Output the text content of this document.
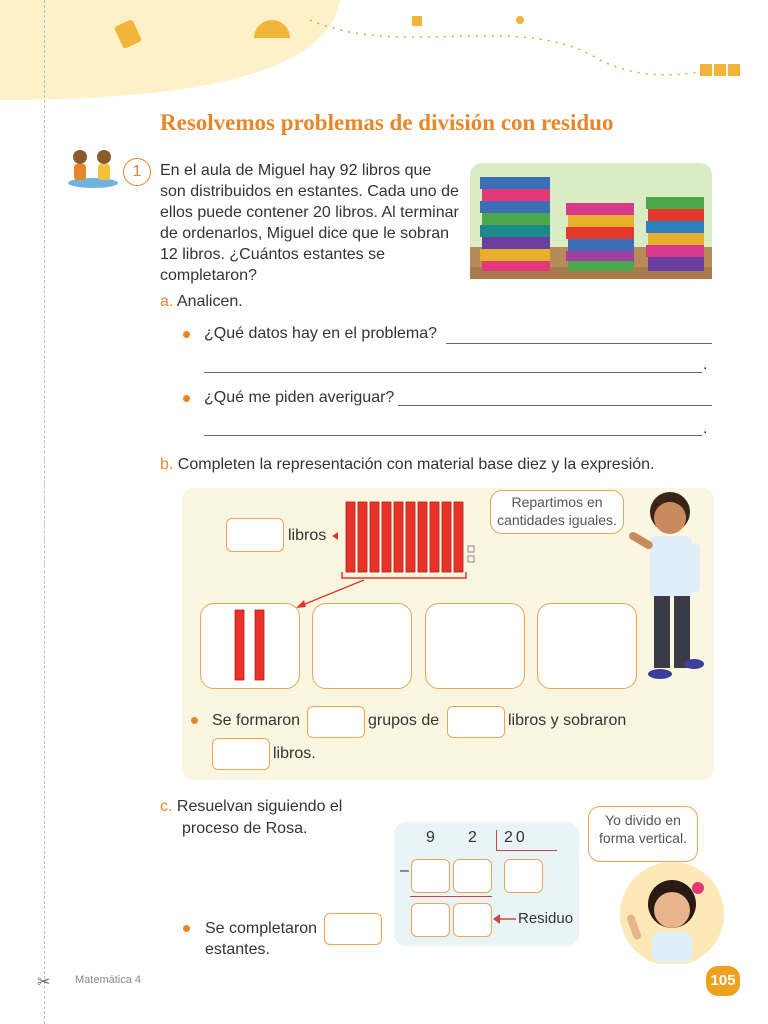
✂
Resolvemos problemas de división con residuo
1	En el aula de Miguel hay 92 libros que son distribuidos en estantes. Cada uno de ellos puede contener 20 libros. Al terminar de ordenarlos, Miguel dice que le sobran 12 libros. ¿Cuántos estantes se completaron?
a. Analicen.
¿Qué datos hay en el problema?
.
¿Qué me piden averiguar?
.
b. Completen la representación con material base diez y la expresión.
libros
Repartimos en cantidades iguales.
Se formaron	grupos de	libros y sobraron
libros.
c. Resuelvan siguiendo el
proceso de Rosa.
9 2 20
–
Residuo
Yo divido en forma vertical.
Se completaron
estantes.
Matemática 4	105
